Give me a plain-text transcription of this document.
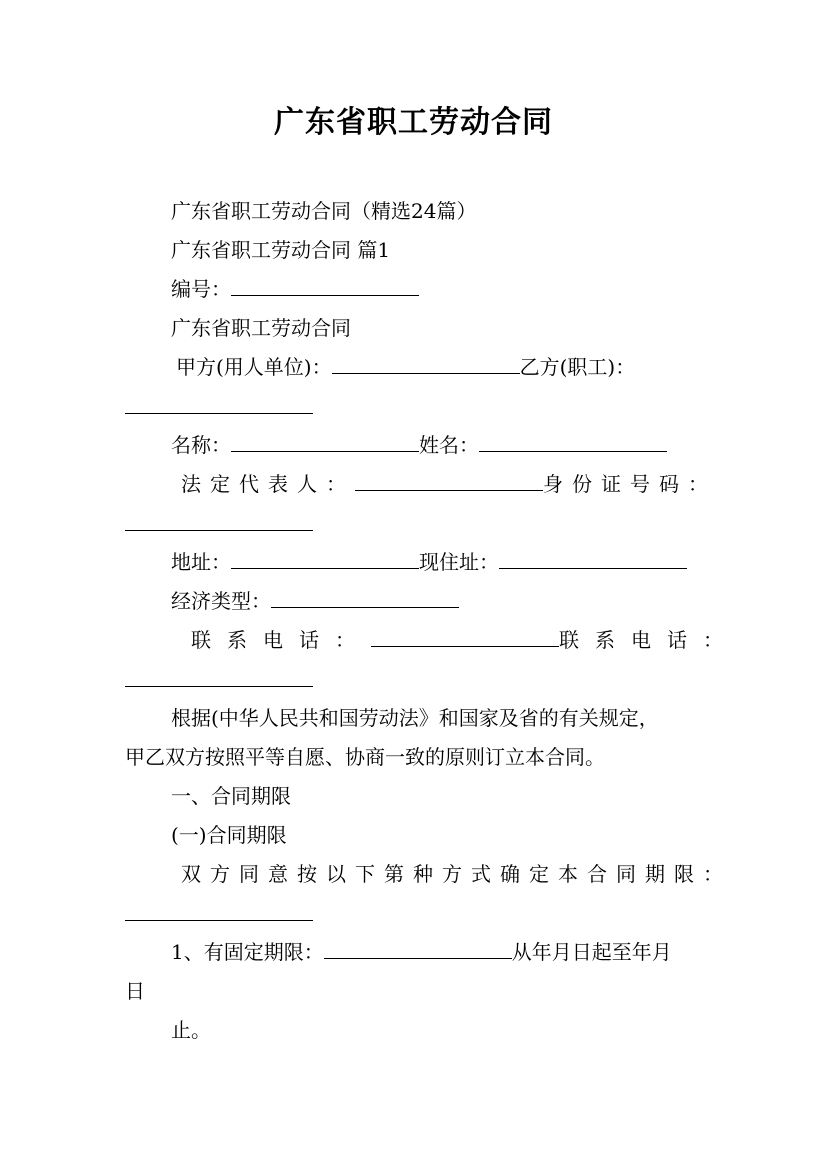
广东省职工劳动合同
广东省职工劳动合同（精选24篇）
广东省职工劳动合同 篇1
编号：
广东省职工劳动合同
甲方(用人单位)：	乙方(职工)：
名称：	姓名：
法定代表人：	身份证号码：
地址：	现住址：
经济类型：
联系电话：	联系电话：
根据(中华人民共和国劳动法》和国家及省的有关规定，
甲乙双方按照平等自愿、协商一致的原则订立本合同。
一、合同期限
(一)合同期限
双方同意按以下第种方式确定本合同期限：
1、有固定期限：	从年月日起至年月
日
止。
